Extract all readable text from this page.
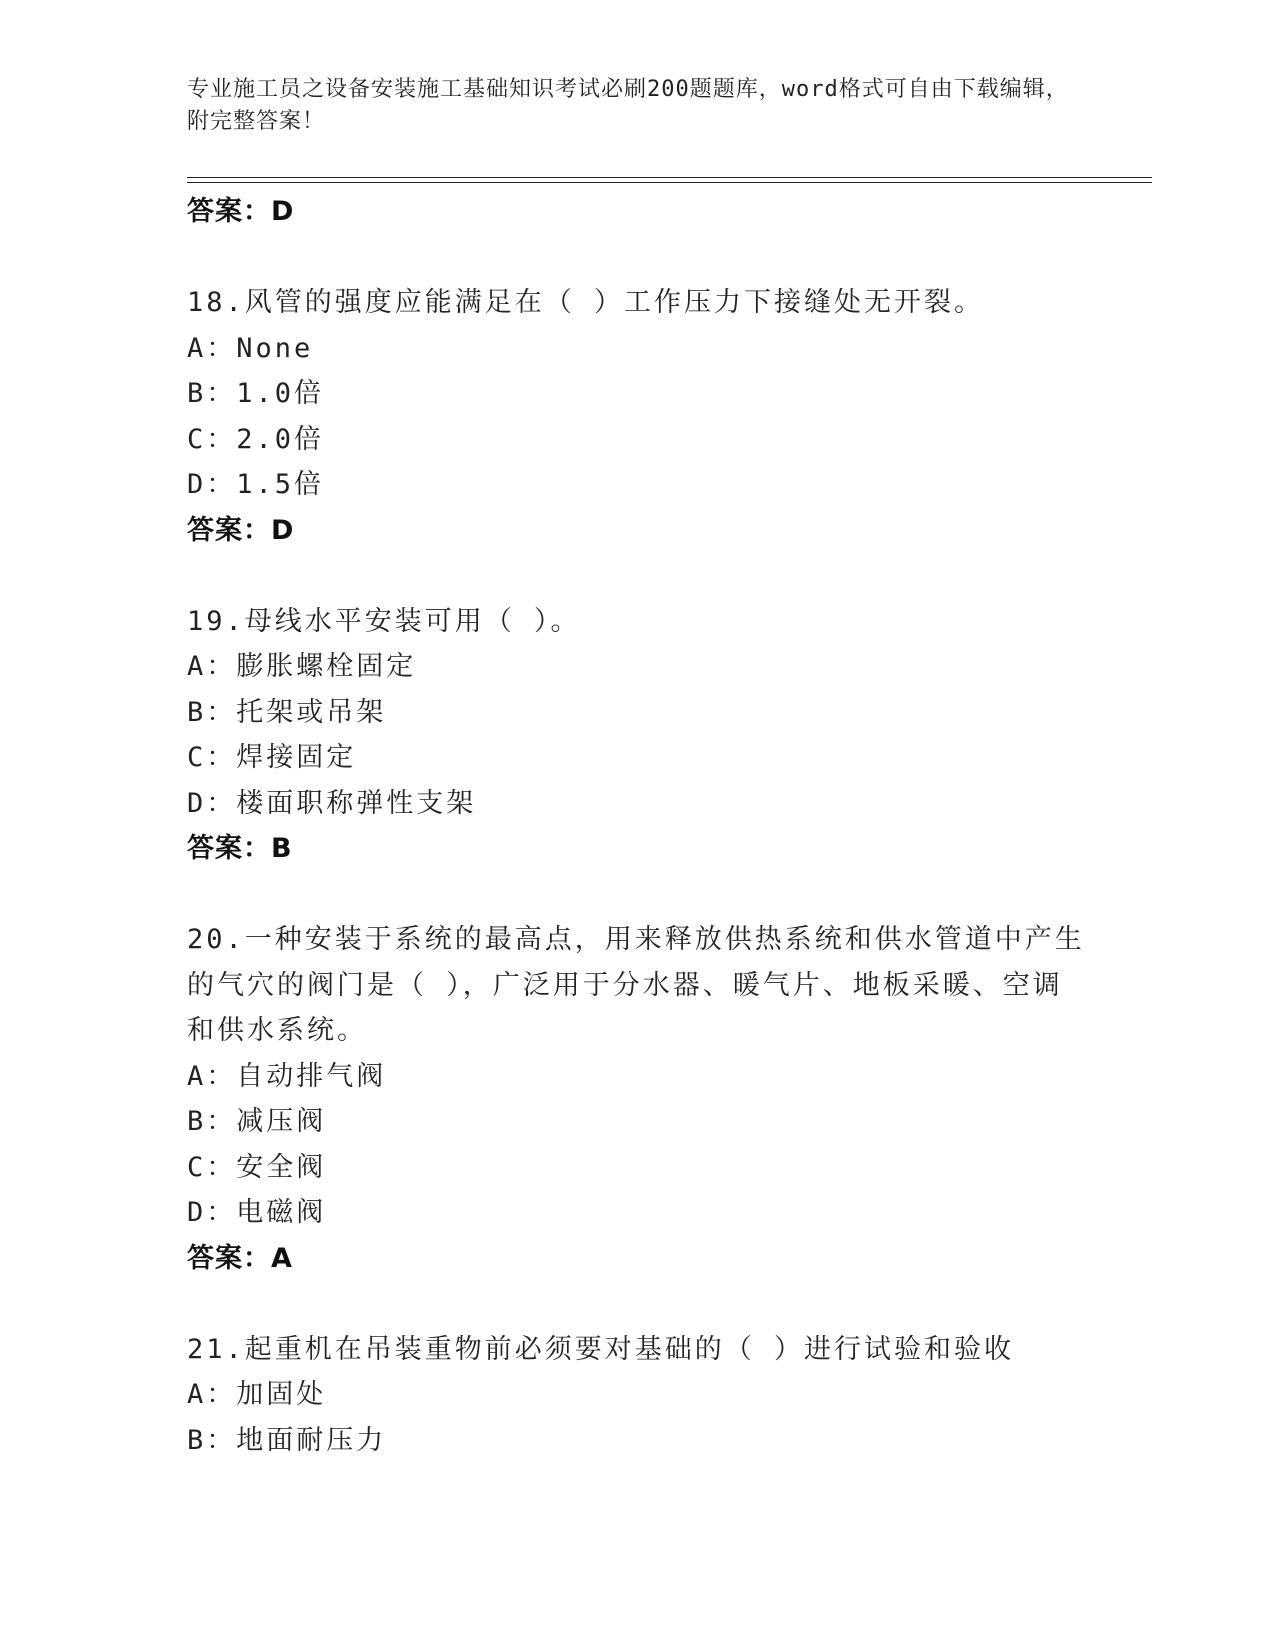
专业施工员之设备安装施工基础知识考试必刷200题题库，word格式可自由下载编辑，附完整答案！
答案：D
18.风管的强度应能满足在（ ）工作压力下接缝处无开裂。
A：None
B：1.0倍
C：2.0倍
D：1.5倍
答案：D
19.母线水平安装可用（ ）。
A：膨胀螺栓固定
B：托架或吊架
C：焊接固定
D：楼面职称弹性支架
答案：B
20.一种安装于系统的最高点，用来释放供热系统和供水管道中产生的气穴的阀门是（ ），广泛用于分水器、暖气片、地板采暖、空调和供水系统。
A：自动排气阀
B：减压阀
C：安全阀
D：电磁阀
答案：A
21.起重机在吊装重物前必须要对基础的（ ）进行试验和验收
A：加固处
B：地面耐压力
